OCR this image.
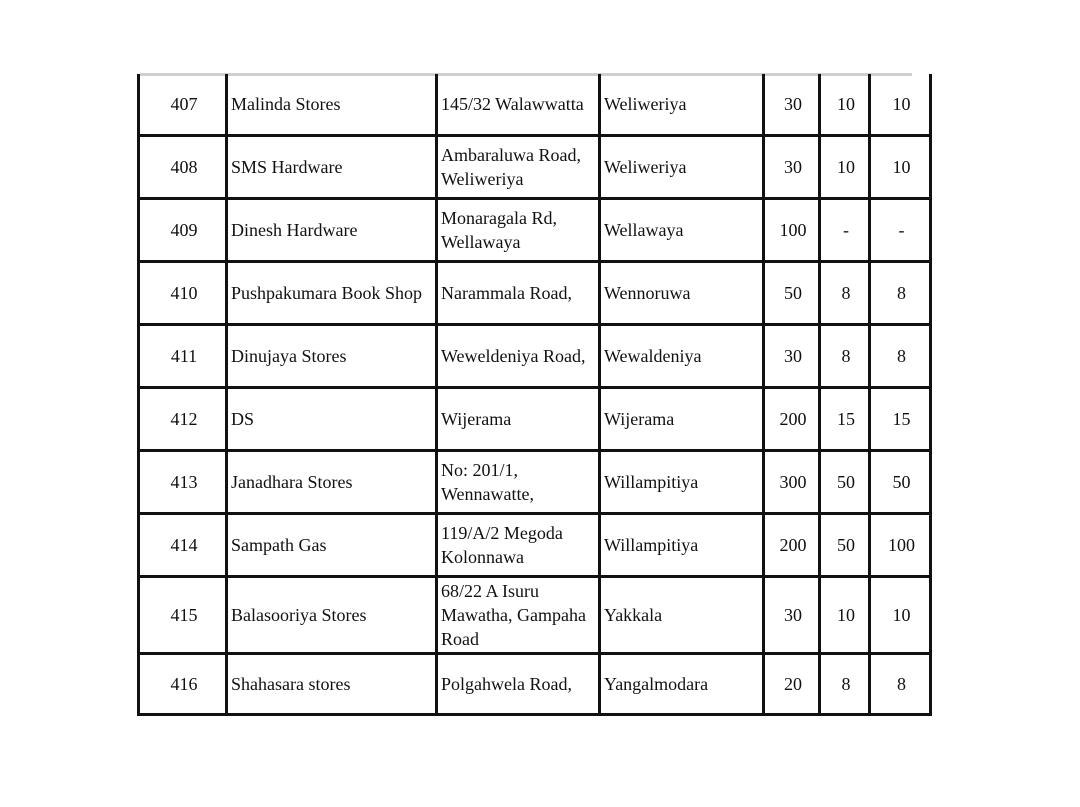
407	Malinda Stores	145/32 Walawwatta	Weliweriya	30	10	10
408	SMS Hardware	Ambaraluwa Road, Weliweriya	Weliweriya	30	10	10
409	Dinesh Hardware	Monaragala Rd, Wellawaya	Wellawaya	100	-	-
410	Pushpakumara Book Shop	Narammala Road,	Wennoruwa	50	8	8
411	Dinujaya Stores	Weweldeniya Road,	Wewaldeniya	30	8	8
412	DS	Wijerama	Wijerama	200	15	15
413	Janadhara Stores	No: 201/1, Wennawatte,	Willampitiya	300	50	50
414	Sampath Gas	119/A/2 Megoda Kolonnawa	Willampitiya	200	50	100
415	Balasooriya Stores	68/22 A Isuru Mawatha, Gampaha Road	Yakkala	30	10	10
416	Shahasara stores	Polgahwela Road,	Yangalmodara	20	8	8
